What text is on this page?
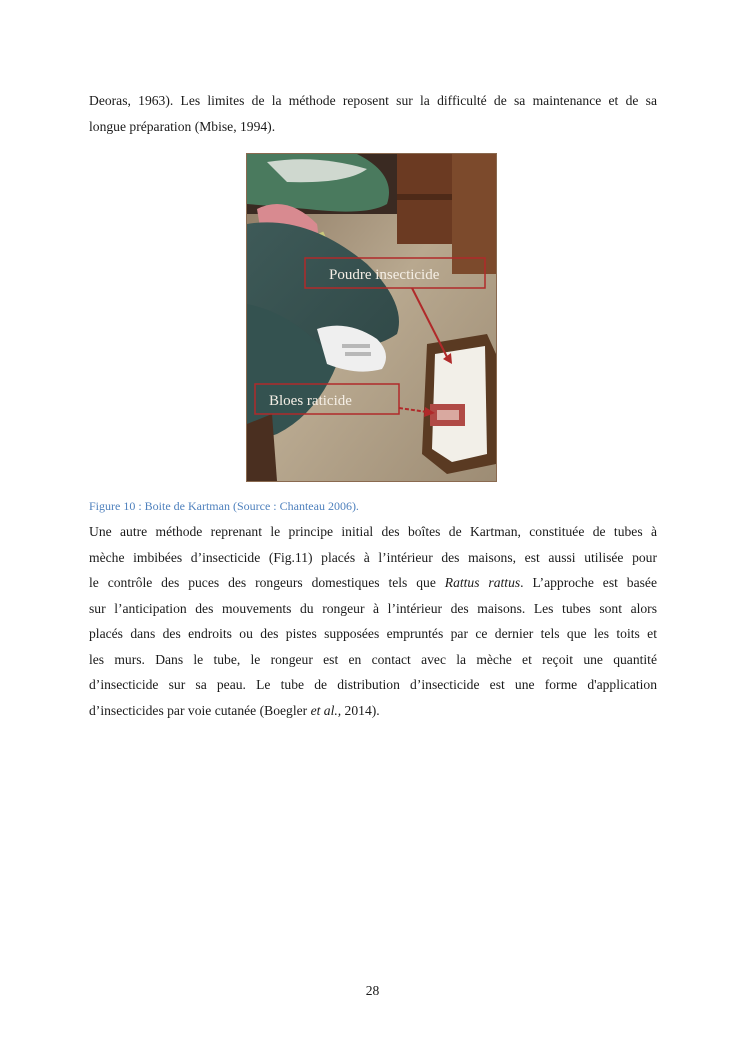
Deoras, 1963). Les limites de la méthode reposent sur la difficulté de sa maintenance et de sa
longue préparation (Mbise, 1994).
Poudre insecticide
Bloes raticide
Figure 10 : Boite de Kartman (Source : Chanteau 2006).
Une autre méthode reprenant le principe initial des boîtes de Kartman, constituée de tubes à
mèche imbibées d’insecticide (Fig.11) placés à l’intérieur des maisons, est aussi utilisée pour
le contrôle des puces des rongeurs domestiques tels que Rattus rattus. L’approche est basée
sur l’anticipation des mouvements du rongeur à l’intérieur des maisons. Les tubes sont alors
placés dans des endroits ou des pistes supposées empruntés par ce dernier tels que les toits et
les murs. Dans le tube, le rongeur est en contact avec la mèche et reçoit une quantité
d’insecticide sur sa peau. Le tube de distribution d’insecticide est une forme d'application
d’insecticides par voie cutanée (Boegler et al., 2014).
28
